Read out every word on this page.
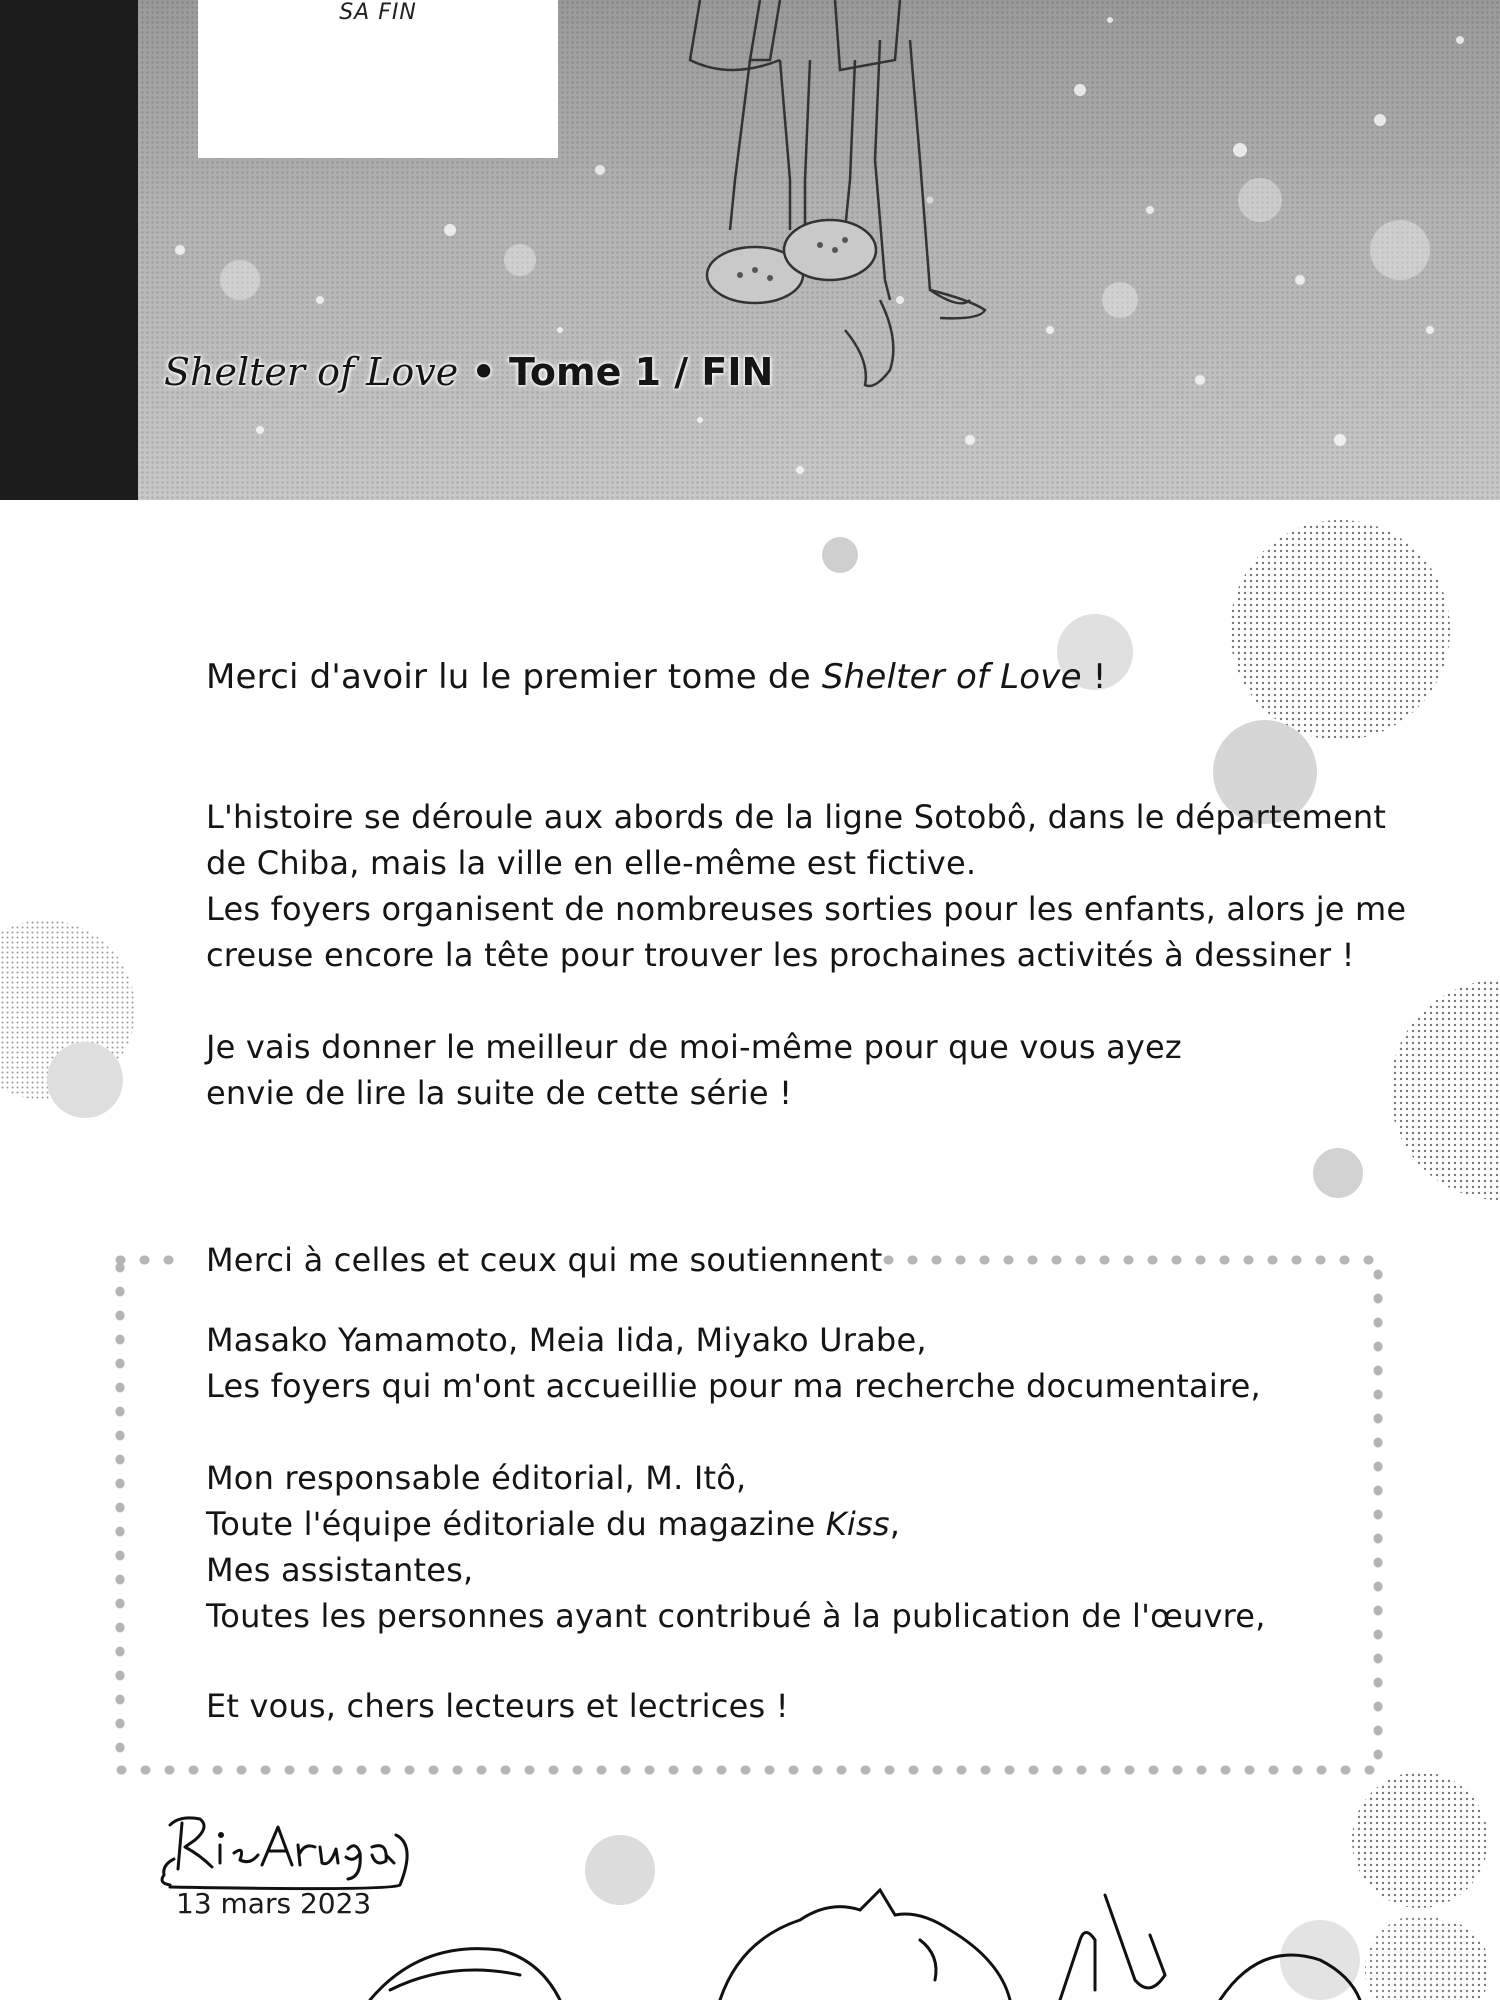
SA FIN
Shelter of Love • Tome 1 / FIN
Merci d'avoir lu le premier tome de Shelter of Love !
L'histoire se déroule aux abords de la ligne Sotobô, dans le département
de Chiba, mais la ville en elle-même est fictive.
Les foyers organisent de nombreuses sorties pour les enfants, alors je me
creuse encore la tête pour trouver les prochaines activités à dessiner !
Je vais donner le meilleur de moi-même pour que vous ayez
envie de lire la suite de cette série !
Merci à celles et ceux qui me soutiennent
Masako Yamamoto, Meia Iida, Miyako Urabe,
Les foyers qui m'ont accueillie pour ma recherche documentaire,
Mon responsable éditorial, M. Itô,
Toute l'équipe éditoriale du magazine Kiss,
Mes assistantes,
Toutes les personnes ayant contribué à la publication de l'œuvre,
Et vous, chers lecteurs et lectrices !
13 mars 2023
